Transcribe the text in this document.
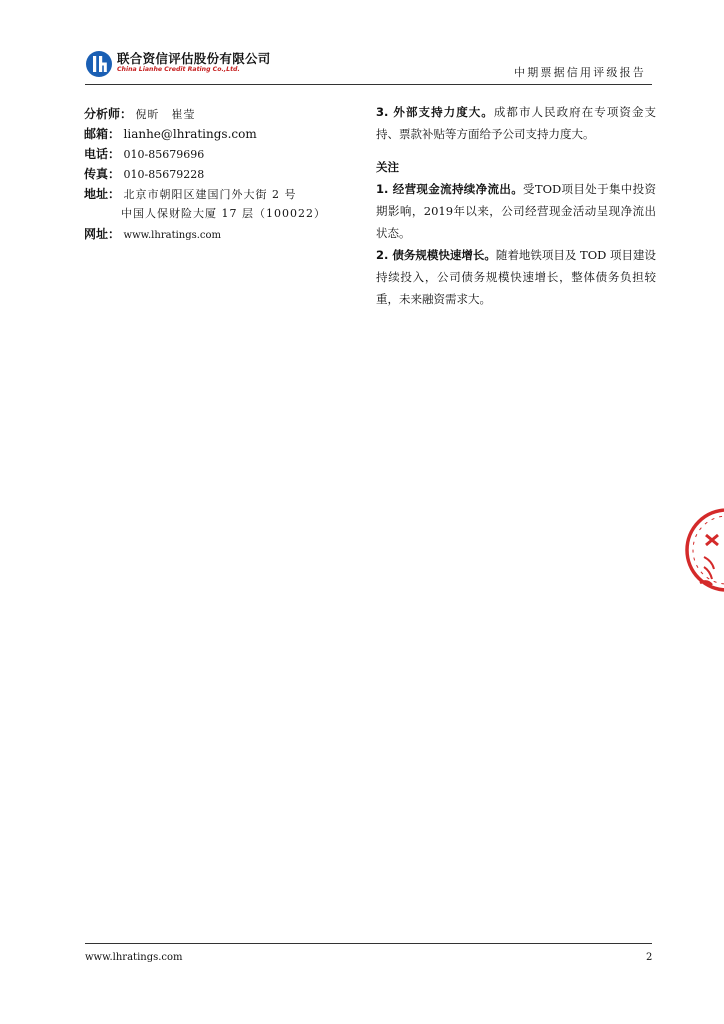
联合资信评估股份有限公司
China Lianhe Credit Rating Co.,Ltd.	中期票据信用评级报告
分析师： 倪昕　崔莹
邮箱： lianhe@lhratings.com
电话： 010-85679696
传真： 010-85679228
地址： 北京市朝阳区建国门外大街 2 号
中国人保财险大厦 17 层（100022）
网址： www.lhratings.com

3. 外部支持力度大。成都市人民政府在专项资金支持、票款补贴等方面给予公司支持力度大。

关注

1. 经营现金流持续净流出。受TOD项目处于集中投资期影响，2019年以来，公司经营现金活动呈现净流出状态。

2. 债务规模快速增长。随着地铁项目及 TOD 项目建设持续投入，公司债务规模快速增长，整体债务负担较重，未来融资需求大。

www.lhratings.com	2
